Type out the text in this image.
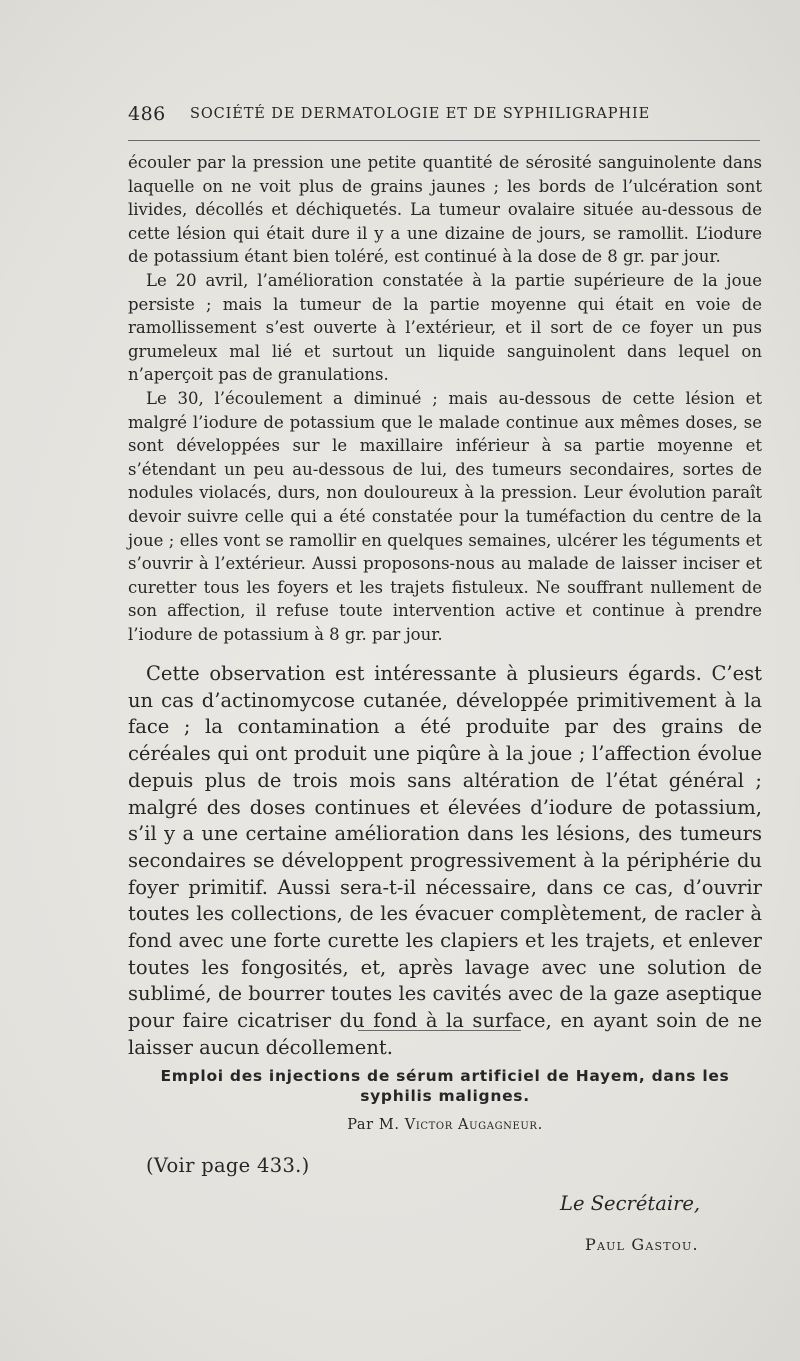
486 SOCIÉTÉ DE DERMATOLOGIE ET DE SYPHILIGRAPHIE

écouler par la pression une petite quantité de sérosité sanguinolente dans laquelle on ne voit plus de grains jaunes ; les bords de l’ulcération sont livides, décollés et déchiquetés. La tumeur ovalaire située au-dessous de cette lésion qui était dure il y a une dizaine de jours, se ramollit. L’iodure de potassium étant bien toléré, est continué à la dose de 8 gr. par jour.

Le 20 avril, l’amélioration constatée à la partie supérieure de la joue persiste ; mais la tumeur de la partie moyenne qui était en voie de ramollissement s’est ouverte à l’extérieur, et il sort de ce foyer un pus grumeleux mal lié et surtout un liquide sanguinolent dans lequel on n’aperçoit pas de granulations.

Le 30, l’écoulement a diminué ; mais au-dessous de cette lésion et malgré l’iodure de potassium que le malade continue aux mêmes doses, se sont développées sur le maxillaire inférieur à sa partie moyenne et s’étendant un peu au-dessous de lui, des tumeurs secondaires, sortes de nodules violacés, durs, non douloureux à la pression. Leur évolution paraît devoir suivre celle qui a été constatée pour la tuméfaction du centre de la joue ; elles vont se ramollir en quelques semaines, ulcérer les téguments et s’ouvrir à l’extérieur. Aussi proposons-nous au malade de laisser inciser et curetter tous les foyers et les trajets fistuleux. Ne souffrant nullement de son affection, il refuse toute intervention active et continue à prendre l’iodure de potassium à 8 gr. par jour.

Cette observation est intéressante à plusieurs égards. C’est un cas d’actinomycose cutanée, développée primitivement à la face ; la contamination a été produite par des grains de céréales qui ont produit une piqûre à la joue ; l’affection évolue depuis plus de trois mois sans altération de l’état général ; malgré des doses continues et élevées d’iodure de potassium, s’il y a une certaine amélioration dans les lésions, des tumeurs secondaires se développent progressivement à la périphérie du foyer primitif. Aussi sera-t-il nécessaire, dans ce cas, d’ouvrir toutes les collections, de les évacuer complètement, de racler à fond avec une forte curette les clapiers et les trajets, et enlever toutes les fongosités, et, après lavage avec une solution de sublimé, de bourrer toutes les cavités avec de la gaze aseptique pour faire cicatriser du fond à la surface, en ayant soin de ne laisser aucun décollement.

Emploi des injections de sérum artificiel de Hayem, dans les
syphilis malignes.
Par M. Victor Augagneur.
(Voir page 433.)
Le Secrétaire,
Paul Gastou.
